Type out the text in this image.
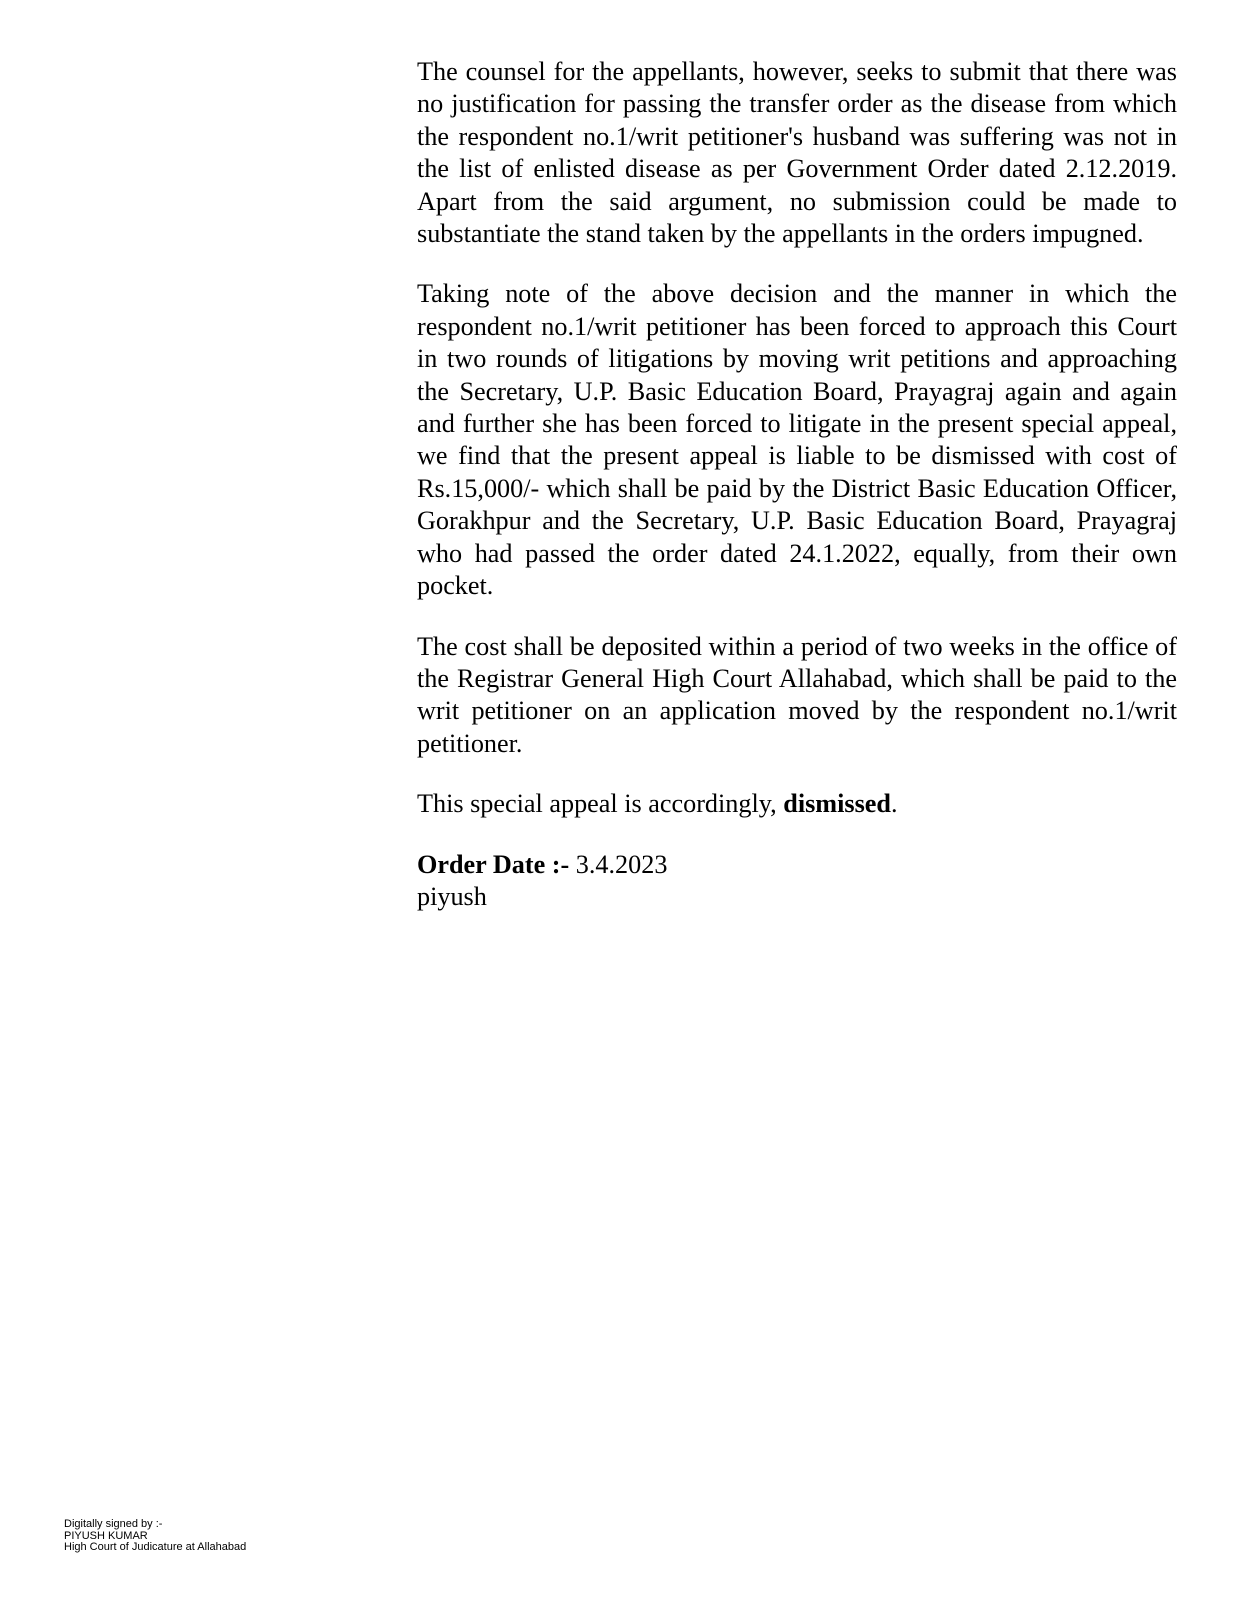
The counsel for the appellants, however, seeks to submit that there was no justification for passing the transfer order as the disease from which the respondent no.1/writ petitioner's husband was suffering was not in the list of enlisted disease as per Government Order dated 2.12.2019. Apart from the said argument, no submission could be made to substantiate the stand taken by the appellants in the orders impugned.

Taking note of the above decision and the manner in which the respondent no.1/writ petitioner has been forced to approach this Court in two rounds of litigations by moving writ petitions and approaching the Secretary, U.P. Basic Education Board, Prayagraj again and again and further she has been forced to litigate in the present special appeal, we find that the present appeal is liable to be dismissed with cost of Rs.15,000/- which shall be paid by the District Basic Education Officer, Gorakhpur and the Secretary, U.P. Basic Education Board, Prayagraj who had passed the order dated 24.1.2022, equally, from their own pocket.

The cost shall be deposited within a period of two weeks in the office of the Registrar General High Court Allahabad, which shall be paid to the writ petitioner on an application moved by the respondent no.1/writ petitioner.

This special appeal is accordingly, dismissed.

Order Date :- 3.4.2023
piyush
Digitally signed by :-
PIYUSH KUMAR
High Court of Judicature at Allahabad
